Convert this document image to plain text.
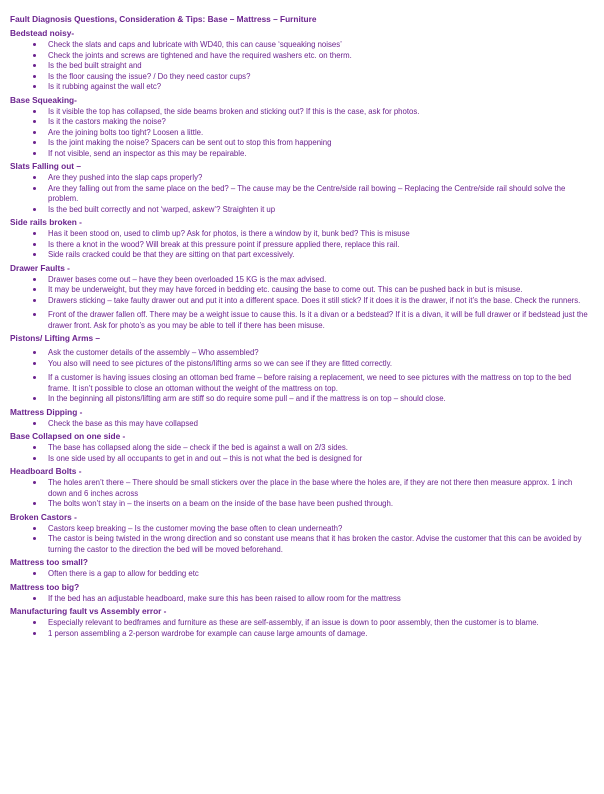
Fault Diagnosis Questions, Consideration & Tips: Base – Mattress – Furniture
Bedstead noisy-
Check the slats and caps and lubricate with WD40, this can cause ‘squeaking noises’
Check the joints and screws are tightened and have the required washers etc. on therm.
Is the bed built straight and
Is the floor causing the issue? / Do they need castor cups?
Is it rubbing against the wall etc?
Base Squeaking-
Is it visible the top has collapsed, the side beams broken and sticking out? If this is the case, ask for photos.
Is it the castors making the noise?
Are the joining bolts too tight? Loosen a little.
Is the joint making the noise? Spacers can be sent out to stop this from happening
If not visible, send an inspector as this may be repairable.
Slats Falling out –
Are they pushed into the slap caps properly?
Are they falling out from the same place on the bed? – The cause may be the Centre/side rail bowing – Replacing the Centre/side rail should solve the problem.
Is the bed built correctly and not ‘warped, askew’? Straighten it up
Side rails broken -
Has it been stood on, used to climb up? Ask for photos, is there a window by it, bunk bed? This is misuse
Is there a knot in the wood? Will break at this pressure point if pressure applied there, replace this rail.
Side rails cracked could be that they are sitting on that part excessively.
Drawer Faults -
Drawer bases come out – have they been overloaded 15 KG is the max advised.
It may be underweight, but they may have forced in bedding etc. causing the base to come out. This can be pushed back in but is misuse.
Drawers sticking – take faulty drawer out and put it into a different space. Does it still stick? If it does it is the drawer, if not it’s the base. Check the runners.
Front of the drawer fallen off. There may be a weight issue to cause this. Is it a divan or a bedstead? If it is a divan, it will be full drawer or if bedstead just the drawer front. Ask for photo’s as you may be able to tell if there has been misuse.
Pistons/ Lifting Arms –
Ask the customer details of the assembly – Who assembled?
You also will need to see pictures of the pistons/lifting arms so we can see if they are fitted correctly.
If a customer is having issues closing an ottoman bed frame – before raising a replacement, we need to see pictures with the mattress on top to the bed frame. It isn’t possible to close an ottoman without the weight of the mattress on top.
In the beginning all pistons/lifting arm are stiff so do require some pull – and if the mattress is on top – should close.
Mattress Dipping -
Check the base as this may have collapsed
Base Collapsed on one side -
The base has collapsed along the side – check if the bed is against a wall on 2/3 sides.
Is one side used by all occupants to get in and out – this is not what the bed is designed for
Headboard Bolts -
The holes aren’t there – There should be small stickers over the place in the base where the holes are, if they are not there then measure approx. 1 inch down and 6 inches across
The bolts won’t stay in – the inserts on a beam on the inside of the base have been pushed through.
Broken Castors -
Castors keep breaking – Is the customer moving the base often to clean underneath?
The castor is being twisted in the wrong direction and so constant use means that it has broken the castor. Advise the customer that this can be avoided by turning the castor to the direction the bed will be moved beforehand.
Mattress too small?
Often there is a gap to allow for bedding etc
Mattress too big?
If the bed has an adjustable headboard, make sure this has been raised to allow room for the mattress
Manufacturing fault vs Assembly error -
Especially relevant to bedframes and furniture as these are self-assembly, if an issue is down to poor assembly, then the customer is to blame.
1 person assembling a 2-person wardrobe for example can cause large amounts of damage.
